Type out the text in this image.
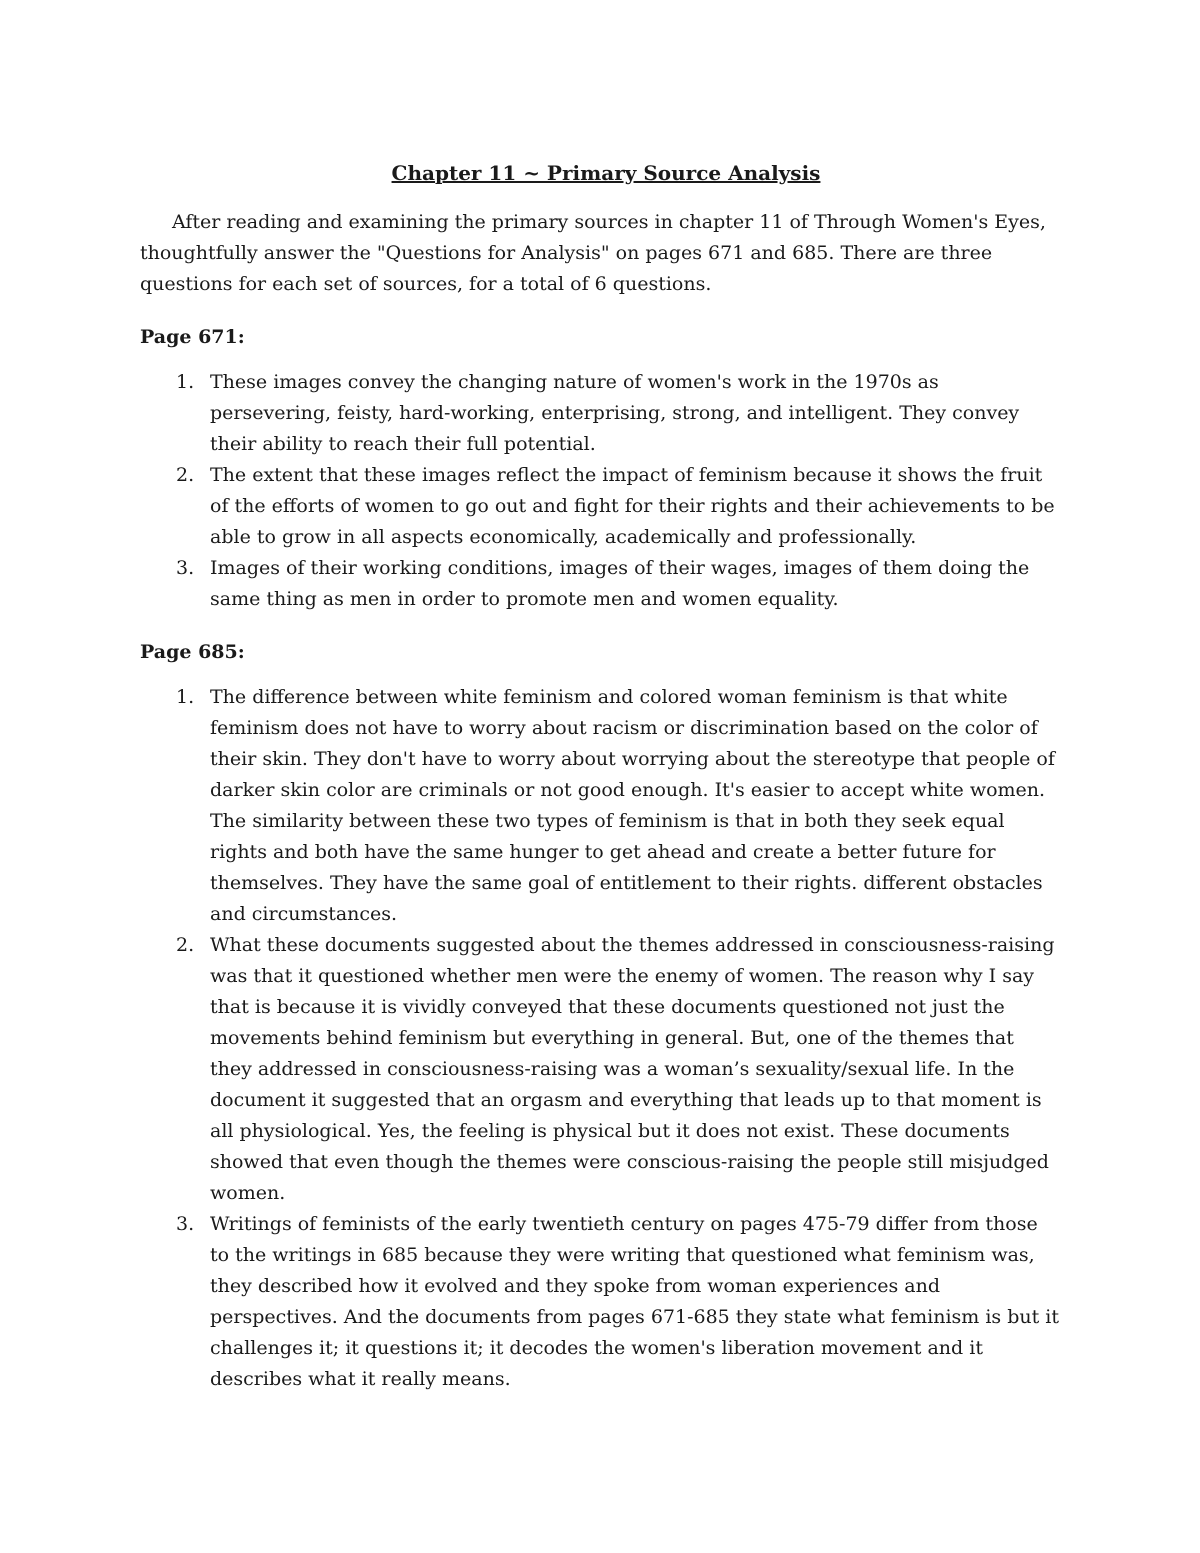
Chapter 11 ~ Primary Source Analysis

After reading and examining the primary sources in chapter 11 of Through Women's Eyes, thoughtfully answer the "Questions for Analysis" on pages 671 and 685. There are three questions for each set of sources, for a total of 6 questions.

Page 671:

1. These images convey the changing nature of women's work in the 1970s as persevering, feisty, hard-working, enterprising, strong, and intelligent. They convey their ability to reach their full potential.
2. The extent that these images reflect the impact of feminism because it shows the fruit of the efforts of women to go out and fight for their rights and their achievements to be able to grow in all aspects economically, academically and professionally.
3. Images of their working conditions, images of their wages, images of them doing the same thing as men in order to promote men and women equality.

Page 685:

1. The difference between white feminism and colored woman feminism is that white feminism does not have to worry about racism or discrimination based on the color of their skin. They don't have to worry about worrying about the stereotype that people of darker skin color are criminals or not good enough. It's easier to accept white women. The similarity between these two types of feminism is that in both they seek equal rights and both have the same hunger to get ahead and create a better future for themselves. They have the same goal of entitlement to their rights. different obstacles and circumstances.
2. What these documents suggested about the themes addressed in consciousness-raising was that it questioned whether men were the enemy of women. The reason why I say that is because it is vividly conveyed that these documents questioned not just the movements behind feminism but everything in general. But, one of the themes that they addressed in consciousness-raising was a woman’s sexuality/sexual life. In the document it suggested that an orgasm and everything that leads up to that moment is all physiological. Yes, the feeling is physical but it does not exist. These documents showed that even though the themes were conscious-raising the people still misjudged women.
3. Writings of feminists of the early twentieth century on pages 475-79 differ from those to the writings in 685 because they were writing that questioned what feminism was, they described how it evolved and they spoke from woman experiences and perspectives. And the documents from pages 671-685 they state what feminism is but it challenges it; it questions it; it decodes the women's liberation movement and it describes what it really means.
